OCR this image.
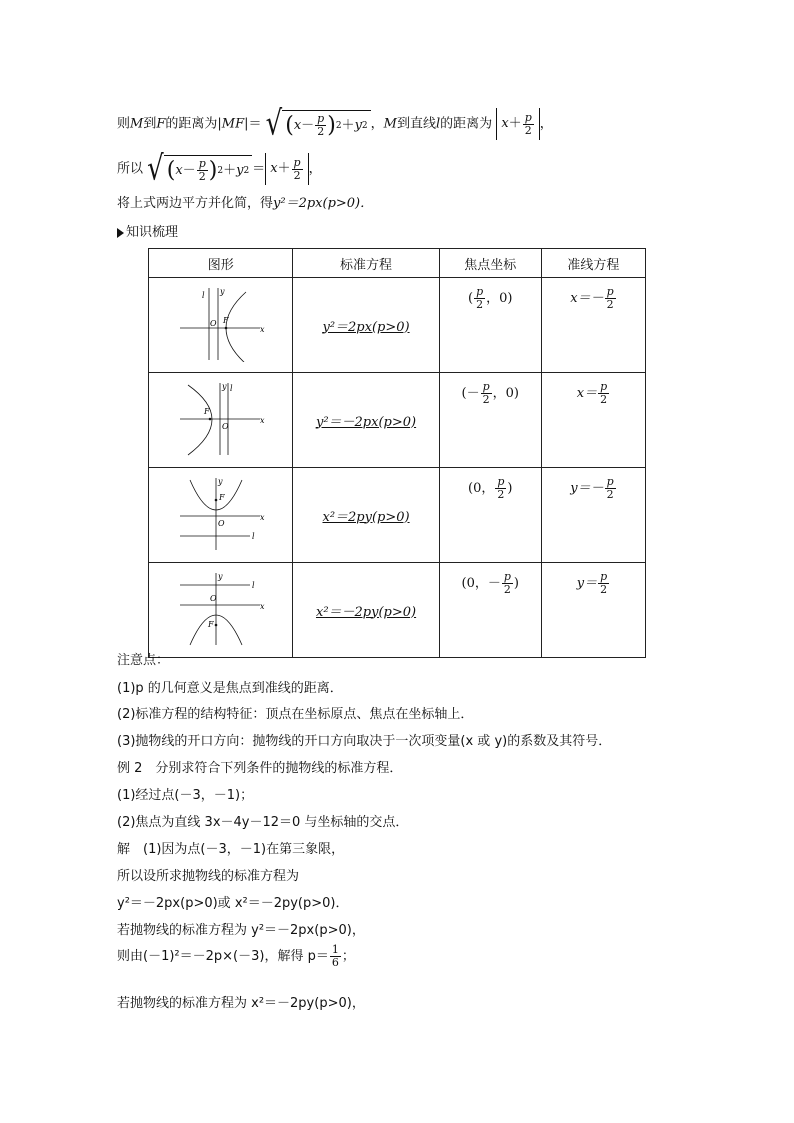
则M到F的距离为|MF|＝ √ ( $x - \frac{p}{2}$ ) 2 ＋ y 2 ，M到直线l的距离为 $x + \frac{p}{2}$ ，
所以 √ ( $x - \frac{p}{2}$ ) 2 ＋ y $2 = x + \frac{p}{2}$ ，
将上式两边平方并化简，得y²＝2px(p>0)．
知识梳理
图形	标准方程	焦点坐标	准线方程

x
y
l
F
O	y²＝2px(p>0)	( $\frac{p}{2}$ ，0)	$x=- \frac{p}{2}$

x
y l
F
O	y²＝－2px(p>0)	(－ $\frac{p}{2}$ ，0)	$x= \frac{p}{2}$

x
y
l
F
O	x²＝2py(p>0)	(0， $\frac{p}{2}$ )	$y=- \frac{p}{2}$

x
y
l
F
O	x²＝－2py(p>0)	(0，－ $\frac{p}{2}$ )	$y= \frac{p}{2}$
注意点：
(1)p 的几何意义是焦点到准线的距离．
(2)标准方程的结构特征：顶点在坐标原点、焦点在坐标轴上．
(3)抛物线的开口方向：抛物线的开口方向取决于一次项变量(x 或 y)的系数及其符号．
例 2　分别求符合下列条件的抛物线的标准方程．
(1)经过点(－3，－1)；
(2)焦点为直线 3x－4y－12＝0 与坐标轴的交点．
解　(1)因为点(－3，－1)在第三象限，
所以设所求抛物线的标准方程为
y²＝－2px(p>0)或 x²＝－2py(p>0)．
若抛物线的标准方程为 y²＝－2px(p>0)，
则由(－1)²＝－2p×(－3)，解得 $p= \frac{1}{6}$ ；
若抛物线的标准方程为 x²＝－2py(p>0)，
